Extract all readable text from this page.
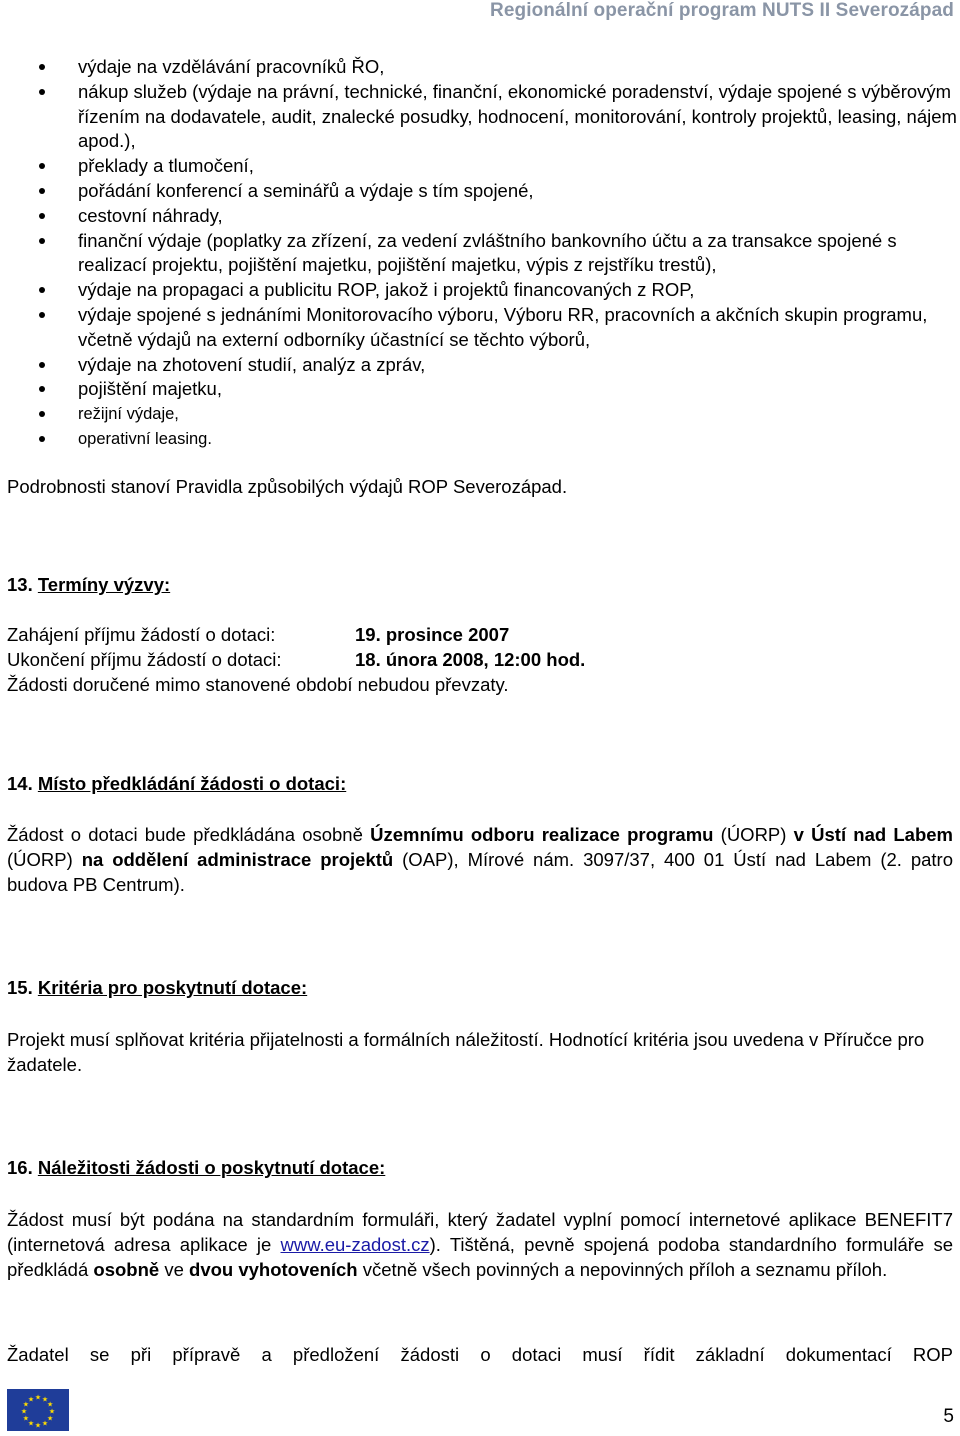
Regionální operační program NUTS II Severozápad
výdaje na vzdělávání pracovníků ŘO,
nákup služeb (výdaje na právní, technické, finanční, ekonomické poradenství, výdaje spojené s výběrovým řízením na dodavatele, audit, znalecké posudky, hodnocení, monitorování, kontroly projektů, leasing, nájem apod.),
překlady a tlumočení,
pořádání konferencí a seminářů a výdaje s tím spojené,
cestovní náhrady,
finanční výdaje (poplatky za zřízení, za vedení zvláštního bankovního účtu a za transakce spojené s realizací projektu, pojištění majetku, pojištění majetku, výpis z rejstříku trestů),
výdaje na propagaci a publicitu ROP, jakož i projektů financovaných z ROP,
výdaje spojené s jednáními Monitorovacího výboru, Výboru RR, pracovních a akčních skupin programu, včetně výdajů na externí odborníky účastnící se těchto výborů,
výdaje na zhotovení studií, analýz a zpráv,
pojištění majetku,
režijní výdaje,
operativní leasing.
Podrobnosti stanoví Pravidla způsobilých výdajů ROP Severozápad.
13. Termíny výzvy:
Zahájení příjmu žádostí o dotaci:	19. prosince 2007
Ukončení příjmu žádostí o dotaci:	18. února 2008, 12:00 hod.
Žádosti doručené mimo stanovené období nebudou převzaty.
14. Místo předkládání žádosti o dotaci:
Žádost o dotaci bude předkládána osobně Územnímu odboru realizace programu (ÚORP) v Ústí nad Labem (ÚORP) na oddělení administrace projektů (OAP), Mírové nám. 3097/37, 400 01 Ústí nad Labem (2. patro budova PB Centrum).
15. Kritéria pro poskytnutí dotace:
Projekt musí splňovat kritéria přijatelnosti a formálních náležitostí. Hodnotící kritéria jsou uvedena v Příručce pro žadatele.
16. Náležitosti žádosti o poskytnutí dotace:
Žádost musí být podána na standardním formuláři, který žadatel vyplní pomocí internetové aplikace BENEFIT7 (internetová adresa aplikace je www.eu-zadost.cz). Tištěná, pevně spojená podoba standardního formuláře se předkládá osobně ve dvou vyhotoveních včetně všech povinných a nepovinných příloh a seznamu příloh.
Žadatel se při přípravě a předložení žádosti o dotaci musí řídit základní dokumentací ROP
★ ★
★
★
★
★
★
★
★
★
★
★
5
